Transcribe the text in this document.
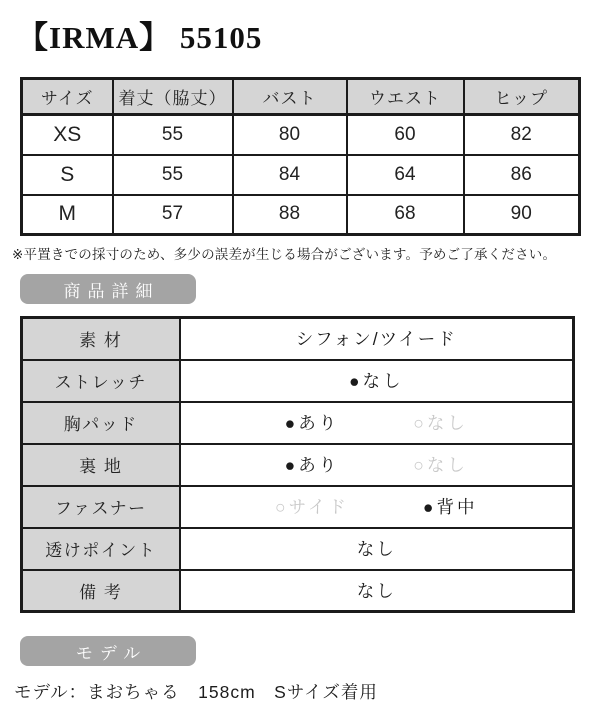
【IRMA】 55105
サイズ	着丈（脇丈）	バスト	ウエスト	ヒップ
XS	55	80	60	82
S	55	84	64	86
M	57	88	68	90

※平置きでの採寸のため、多少の誤差が生じる場合がございます。予めご了承ください。

商品詳細
素 材	シフォン/ツイード

ストレッチ	●なし

胸パッド	●あり ○なし

裏 地	●あり ○なし

ファスナー	○サイド ●背中

透けポイント	なし

備 考	なし
モデル

モデル：まおちゃる　158cm　Sサイズ着用
